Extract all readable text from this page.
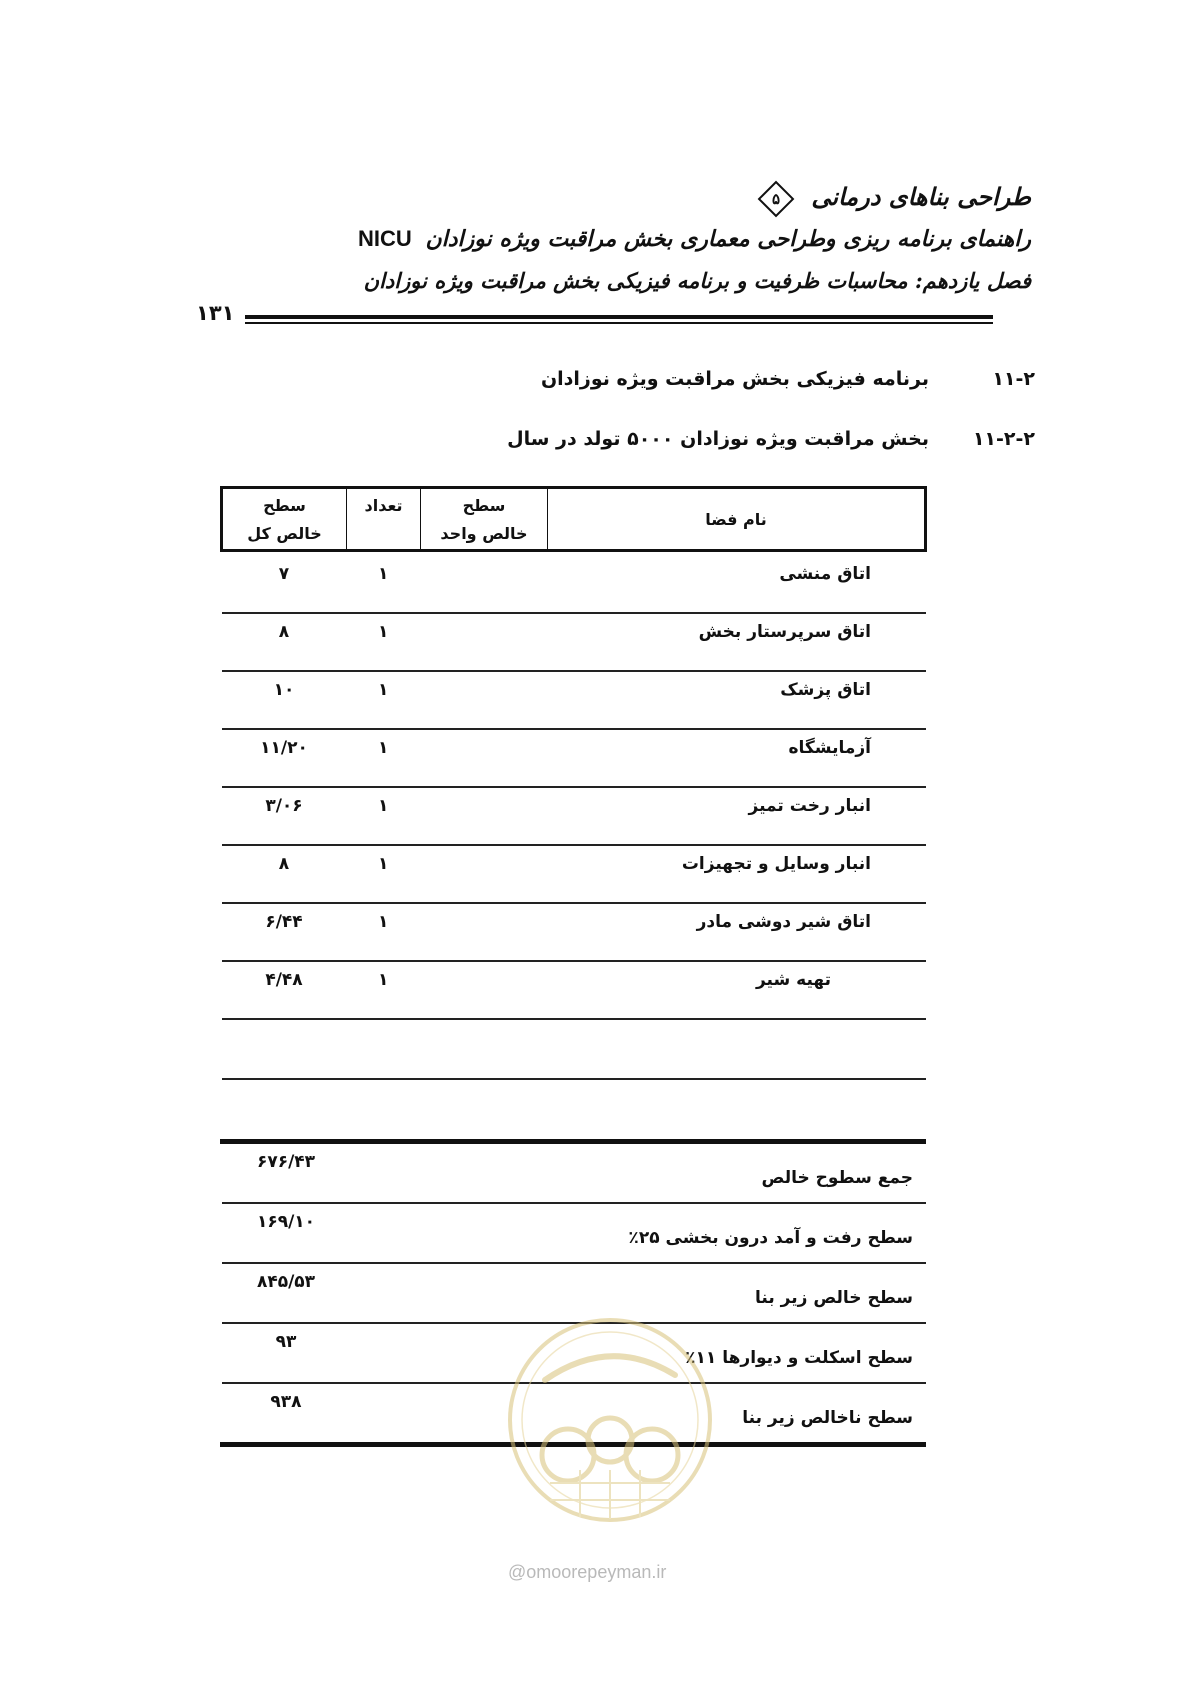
طراحی بناهای درمانی
۵
راهنمای برنامه ریزی وطراحی معماری بخش مراقبت ویژه نوزادان NICU
فصل یازدهم: محاسبات ظرفیت و برنامه فیزیکی بخش مراقبت ویژه نوزادان
۱۳۱
۱۱-۲
برنامه فیزیکی بخش مراقبت ویژه نوزادان
۱۱-۲-۲
بخش مراقبت ویژه نوزادان ۵۰۰۰ تولد در سال
نام فضا
سطح
خالص واحد
تعداد
سطح
خالص کل
اتاق منشی
۱
۷
اتاق سرپرستار بخش
۱
۸
اتاق پزشک
۱
۱۰
آزمایشگاه
۱
۱۱/۲۰
انبار رخت تمیز
۱
۳/۰۶
انبار وسایل و تجهیزات
۱
۸
اتاق شیر دوشی مادر
۱
۶/۴۴
تهیه شیر
۱
۴/۴۸
۶۷۶/۴۳
جمع سطوح خالص
۱۶۹/۱۰
سطح رفت و آمد درون بخشی ۲۵٪
۸۴۵/۵۳
سطح خالص زیر بنا
۹۳
سطح اسکلت و دیوارها ۱۱٪
۹۳۸
سطح ناخالص زیر بنا
@omoorepeyman.ir
